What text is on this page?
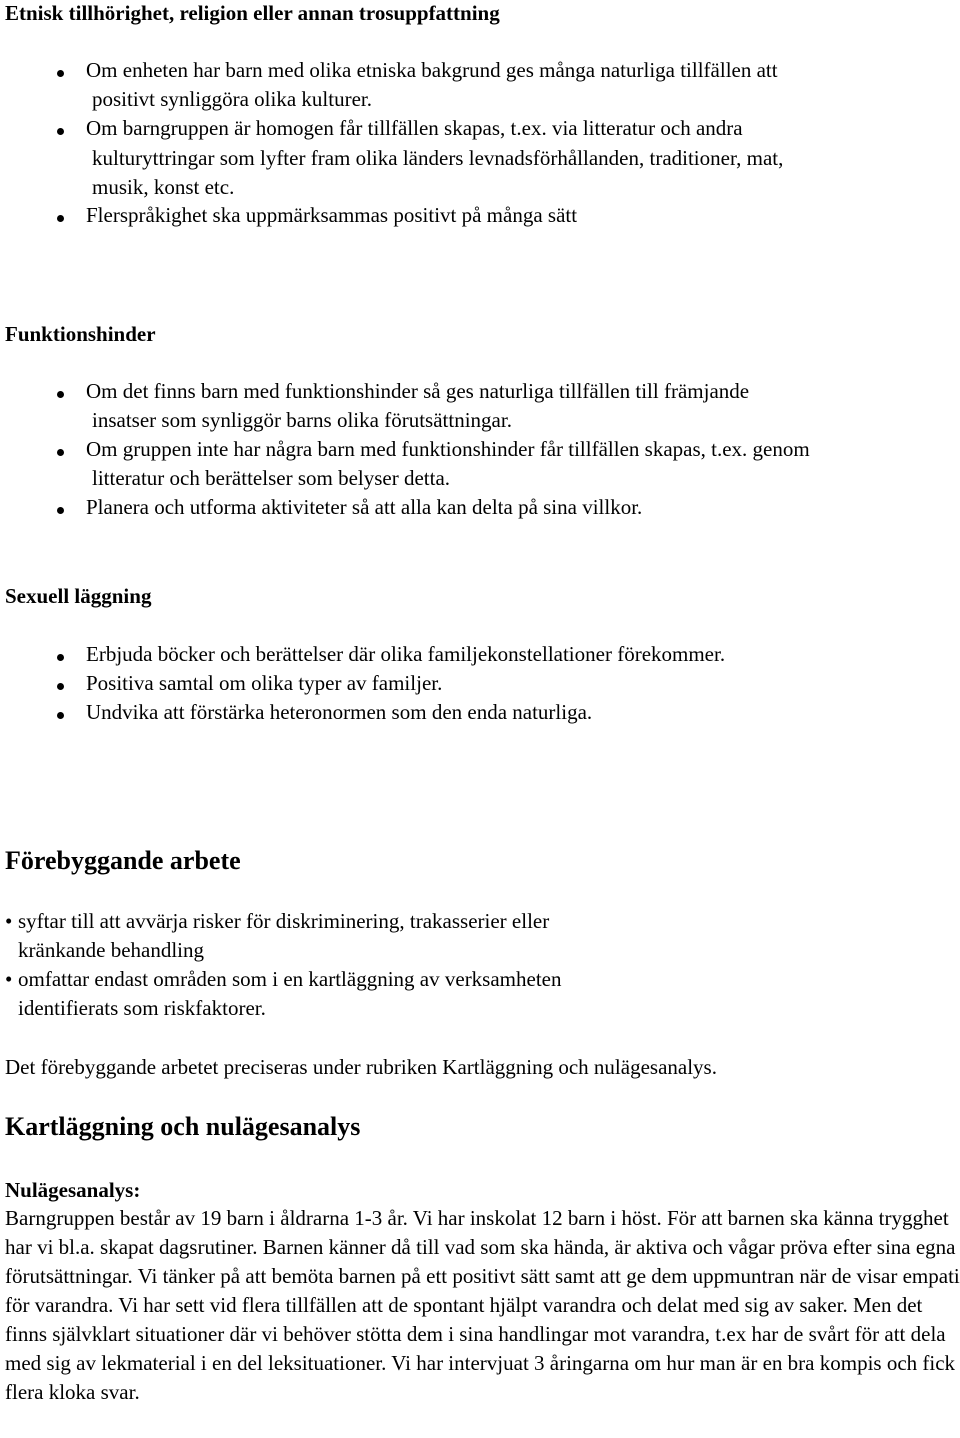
Etnisk tillhörighet, religion eller annan trosuppfattning
Om enheten har barn med olika etniska bakgrund ges många naturliga tillfällen att
positivt synliggöra olika kulturer.
Om barngruppen är homogen får tillfällen skapas, t.ex. via litteratur och andra
kulturyttringar som lyfter fram olika länders levnadsförhållanden, traditioner, mat,
musik, konst etc.
Flerspråkighet ska uppmärksammas positivt på många sätt
Funktionshinder
Om det finns barn med funktionshinder så ges naturliga tillfällen till främjande
insatser som synliggör barns olika förutsättningar.
Om gruppen inte har några barn med funktionshinder får tillfällen skapas, t.ex. genom
litteratur och berättelser som belyser detta.
Planera och utforma aktiviteter så att alla kan delta på sina villkor.
Sexuell läggning
Erbjuda böcker och berättelser där olika familjekonstellationer förekommer.
Positiva samtal om olika typer av familjer.
Undvika att förstärka heteronormen som den enda naturliga.
Förebyggande arbete
• syftar till att avvärja risker för diskriminering, trakasserier eller
kränkande behandling
• omfattar endast områden som i en kartläggning av verksamheten
identifierats som riskfaktorer.
Det förebyggande arbetet preciseras under rubriken Kartläggning och nulägesanalys.
Kartläggning och nulägesanalys
Nulägesanalys:
Barngruppen består av 19 barn i åldrarna 1-3 år. Vi har inskolat 12 barn i höst. För att barnen ska känna trygghet har vi bl.a. skapat dagsrutiner. Barnen känner då till vad som ska hända, är aktiva och vågar pröva efter sina egna förutsättningar. Vi tänker på att bemöta barnen på ett positivt sätt samt att ge dem uppmuntran när de visar empati för varandra. Vi har sett vid flera tillfällen att de spontant hjälpt varandra och delat med sig av saker. Men det finns självklart situationer där vi behöver stötta dem i sina handlingar mot varandra, t.ex har de svårt för att dela med sig av lekmaterial i en del leksituationer. Vi har intervjuat 3 åringarna om hur man är en bra kompis och fick flera kloka svar.
